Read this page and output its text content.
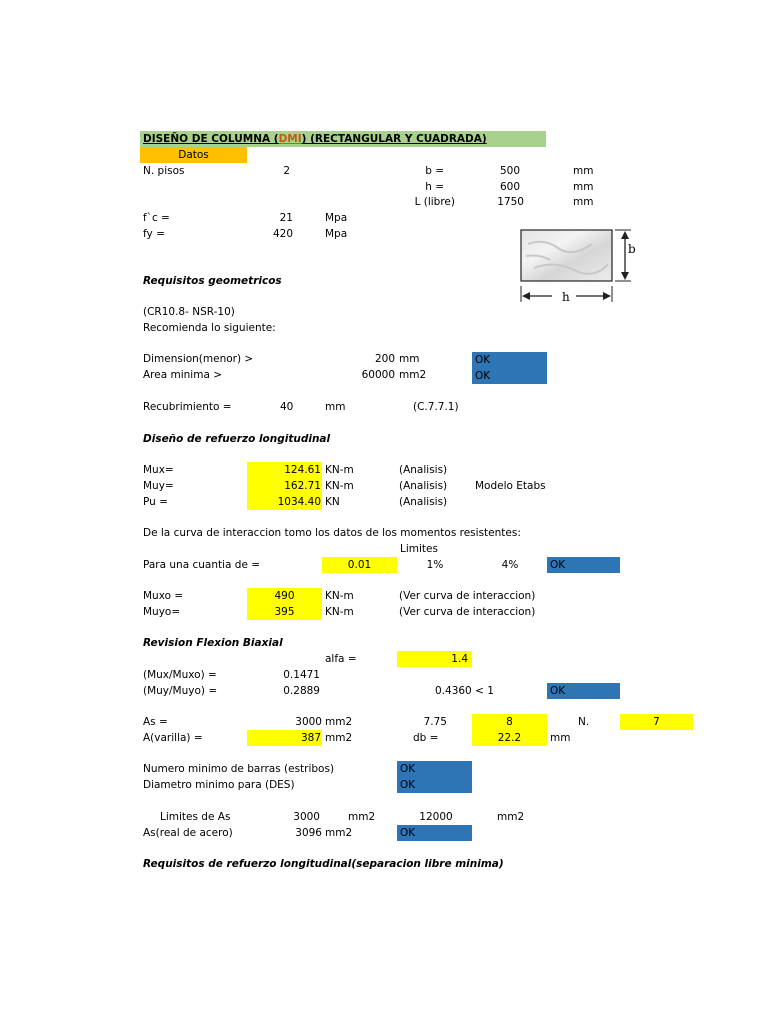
DISEÑO DE COLUMNA (DMI) (RECTANGULAR Y CUADRADA)
Datos
N. pisos	2	b =	500	mm
h =	600	mm
L (libre)	1750	mm
f`c =	21	Mpa
fy =	420	Mpa
b
h
Requisitos geometricos
(CR10.8- NSR-10)
Recomienda lo siguiente:
Dimension(menor) >	200 mm	OK
Area minima >	60000 mm2	OK
Recubrimiento =	40	mm	(C.7.7.1)
Diseño de refuerzo longitudinal
Mux=	124.61 KN-m	(Analisis)
Muy=	162.71 KN-m	(Analisis)	Modelo Etabs
Pu =	1034.40 KN	(Analisis)
De la curva de interaccion tomo los datos de los momentos resistentes:
Limites
Para una cuantia de =	0.01	1%	4%	OK
Muxo =	490	KN-m	(Ver curva de interaccion)
Muyo=	395	KN-m	(Ver curva de interaccion)
Revision Flexion Biaxial
alfa =	1.4
(Mux/Muxo) =	0.1471
(Muy/Muyo) =	0.2889	0.4360 < 1	OK
As =	3000 mm2	7.75	8	N.	7
A(varilla) =	387 mm2	db =	22.2	mm
Numero minimo de barras (estribos)	OK
Diametro minimo para (DES)	OK
Limites de As	3000	mm2	12000	mm2
As(real de acero)	3096 mm2	OK
Requisitos de refuerzo longitudinal(separacion libre minima)
